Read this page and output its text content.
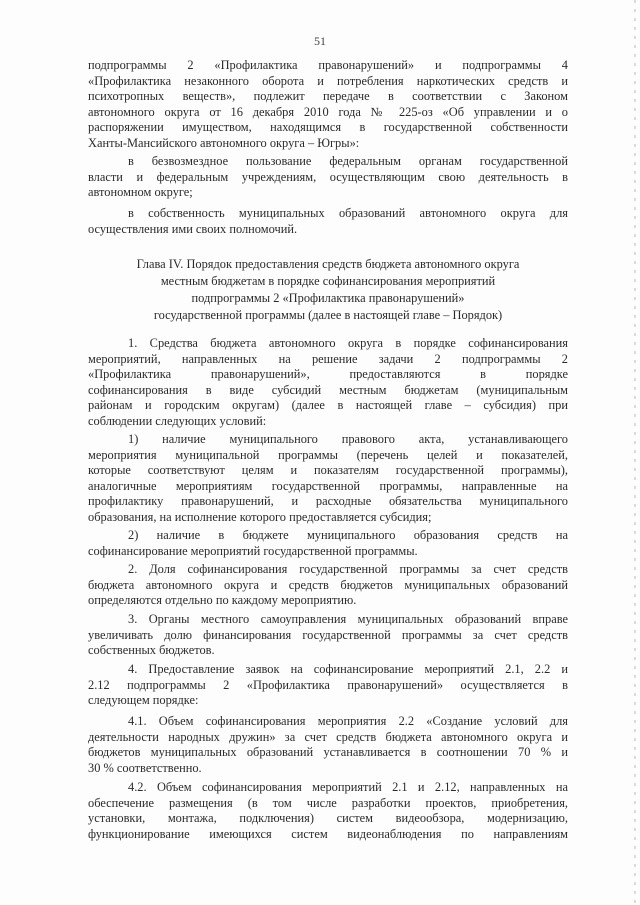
51
подпрограммы 2 «Профилактика правонарушений» и подпрограммы 4
«Профилактика незаконного оборота и потребления наркотических средств и
психотропных веществ», подлежит передаче в соответствии с Законом
автономного округа от 16 декабря 2010 года № 225-оз «Об управлении и о
распоряжении имуществом, находящимся в государственной собственности
Ханты-Мансийского автономного округа – Югры»:
в безвозмездное пользование федеральным органам государственной
власти и федеральным учреждениям, осуществляющим свою деятельность в
автономном округе;
в собственность муниципальных образований автономного округа для
осуществления ими своих полномочий.
Глава IV. Порядок предоставления средств бюджета автономного округа
местным бюджетам в порядке софинансирования мероприятий
подпрограммы 2 «Профилактика правонарушений»
государственной программы (далее в настоящей главе – Порядок)
1. Средства бюджета автономного округа в порядке софинансирования
мероприятий, направленных на решение задачи 2 подпрограммы 2
«Профилактика правонарушений», предоставляются в порядке
софинансирования в виде субсидий местным бюджетам (муниципальным
районам и городским округам) (далее в настоящей главе – субсидия) при
соблюдении следующих условий:
1) наличие муниципального правового акта, устанавливающего
мероприятия муниципальной программы (перечень целей и показателей,
которые соответствуют целям и показателям государственной программы),
аналогичные мероприятиям государственной программы, направленные на
профилактику правонарушений, и расходные обязательства муниципального
образования, на исполнение которого предоставляется субсидия;
2) наличие в бюджете муниципального образования средств на
софинансирование мероприятий государственной программы.
2. Доля софинансирования государственной программы за счет средств
бюджета автономного округа и средств бюджетов муниципальных образований
определяются отдельно по каждому мероприятию.
3. Органы местного самоуправления муниципальных образований вправе
увеличивать долю финансирования государственной программы за счет средств
собственных бюджетов.
4. Предоставление заявок на софинансирование мероприятий 2.1, 2.2 и
2.12 подпрограммы 2 «Профилактика правонарушений» осуществляется в
следующем порядке:
4.1. Объем софинансирования мероприятия 2.2 «Создание условий для
деятельности народных дружин» за счет средств бюджета автономного округа и
бюджетов муниципальных образований устанавливается в соотношении 70 % и
30 % соответственно.
4.2. Объем софинансирования мероприятий 2.1 и 2.12, направленных на
обеспечение размещения (в том числе разработки проектов, приобретения,
установки, монтажа, подключения) систем видеообзора, модернизацию,
функционирование имеющихся систем видеонаблюдения по направлениям
